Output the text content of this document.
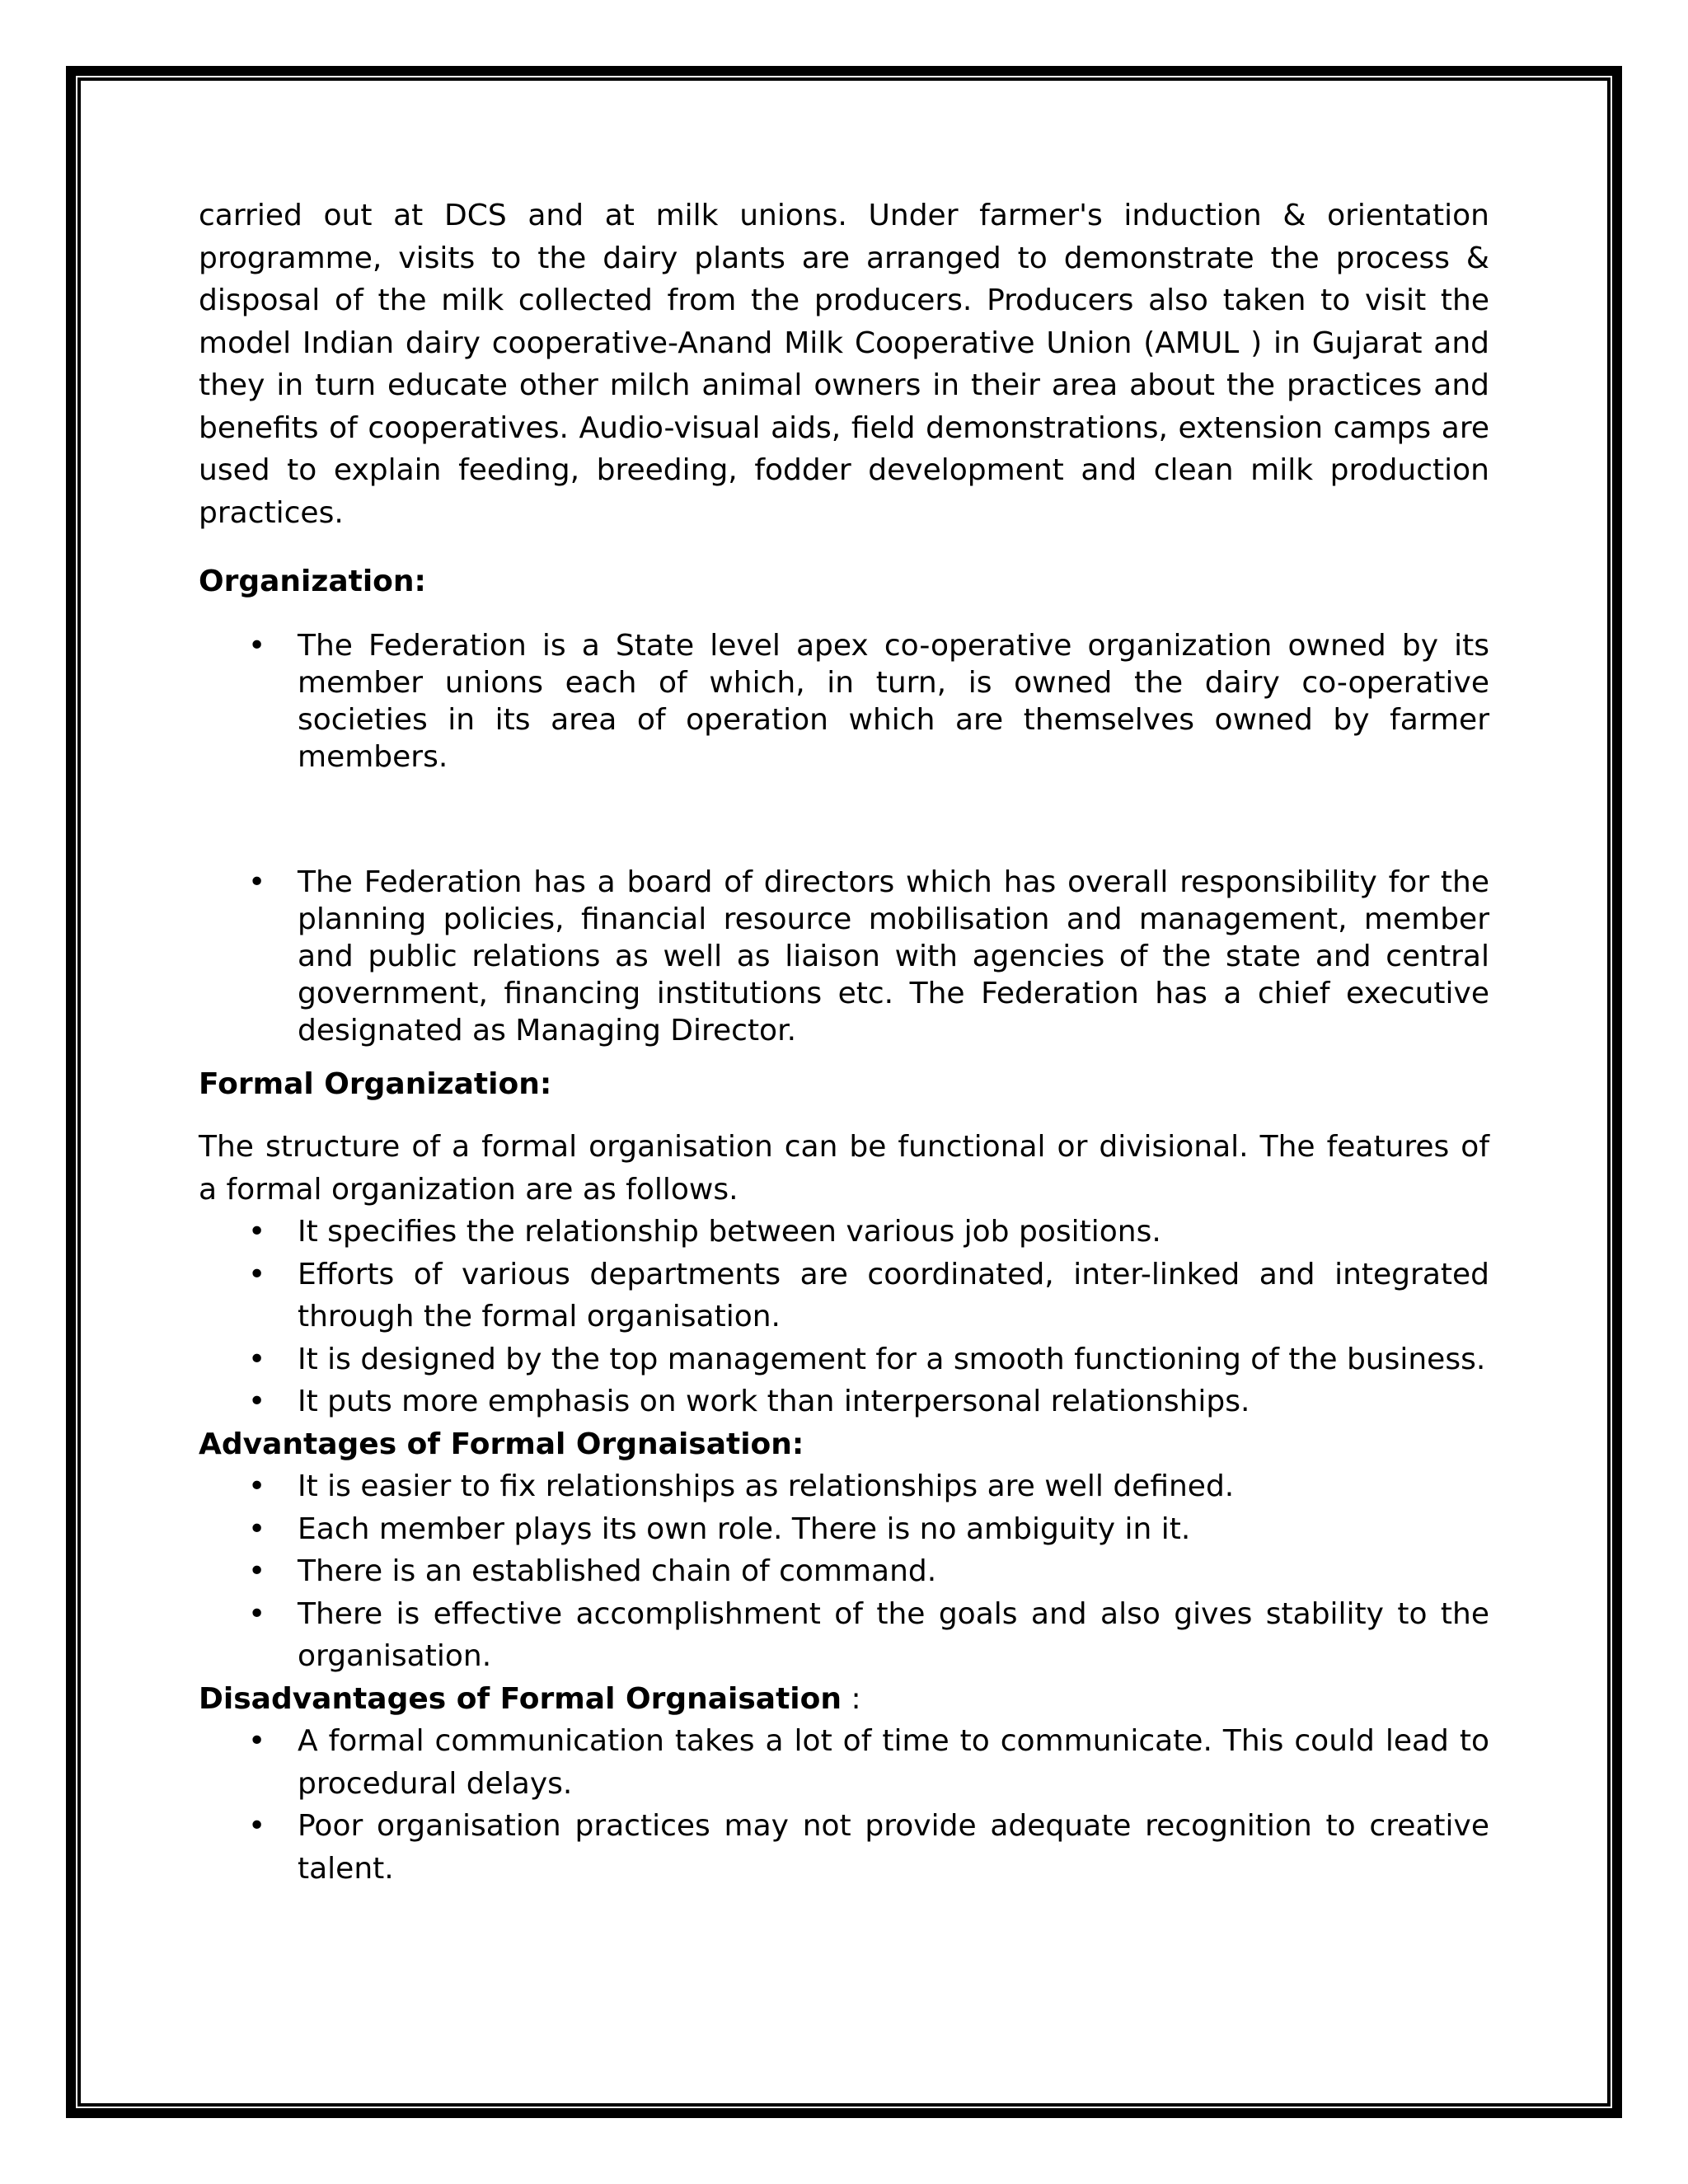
carried out at DCS and at milk unions. Under farmer's induction & orientation programme, visits to the dairy plants are arranged to demonstrate the process & disposal of the milk collected from the producers. Producers also taken to visit the model Indian dairy cooperative-Anand Milk Cooperative Union (AMUL ) in Gujarat and they in turn educate other milch animal owners in their area about the practices and benefits of cooperatives. Audio-visual aids, field demonstrations, extension camps are used to explain feeding, breeding, fodder development and clean milk production practices.

Organization:

• The Federation is a State level apex co-operative organization owned by its member unions each of which, in turn, is owned the dairy co-operative societies in its area of operation which are themselves owned by farmer members.
• The Federation has a board of directors which has overall responsibility for the planning policies, financial resource mobilisation and management, member and public relations as well as liaison with agencies of the state and central government, financing institutions etc. The Federation has a chief executive designated as Managing Director.

Formal Organization:

The structure of a formal organisation can be functional or divisional. The features of a formal organization are as follows.

• It specifies the relationship between various job positions.
• Efforts of various departments are coordinated, inter-linked and integrated through the formal organisation.
• It is designed by the top management for a smooth functioning of the business.
• It puts more emphasis on work than interpersonal relationships.

Advantages of Formal Orgnaisation:

• It is easier to fix relationships as relationships are well defined.
• Each member plays its own role. There is no ambiguity in it.
• There is an established chain of command.
• There is effective accomplishment of the goals and also gives stability to the organisation.

Disadvantages of Formal Orgnaisation :

• A formal communication takes a lot of time to communicate. This could lead to procedural delays.
• Poor organisation practices may not provide adequate recognition to creative talent.
